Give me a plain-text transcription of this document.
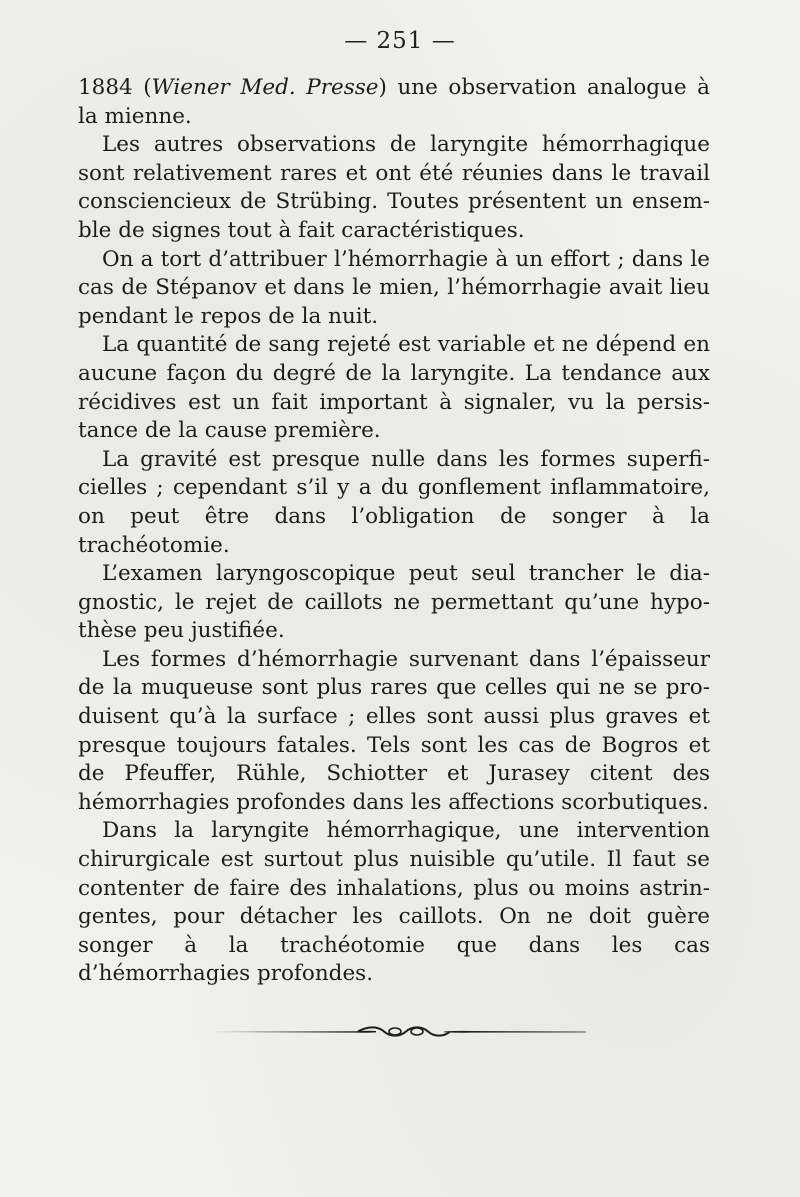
— 251 —

1884 (Wiener Med. Presse) une observation analogue à la mienne.

Les autres observations de laryngite hémorrhagique sont relativement rares et ont été réunies dans le travail consciencieux de Strübing. Toutes présentent un ensem-ble de signes tout à fait caractéristiques.

On a tort d’attribuer l’hémorrhagie à un effort ; dans le cas de Stépanov et dans le mien, l’hémorrhagie avait lieu pendant le repos de la nuit.

La quantité de sang rejeté est variable et ne dépend en aucune façon du degré de la laryngite. La tendance aux récidives est un fait important à signaler, vu la persis-tance de la cause première.

La gravité est presque nulle dans les formes superfi-cielles ; cependant s’il y a du gonflement inflammatoire, on peut être dans l’obligation de songer à la trachéotomie.

L’examen laryngoscopique peut seul trancher le dia-gnostic, le rejet de caillots ne permettant qu’une hypo-thèse peu justifiée.

Les formes d’hémorrhagie survenant dans l’épaisseur de la muqueuse sont plus rares que celles qui ne se pro-duisent qu’à la surface ; elles sont aussi plus graves et presque toujours fatales. Tels sont les cas de Bogros et de Pfeuffer, Rühle, Schiotter et Jurasey citent des hémorrhagies profondes dans les affections scorbutiques.

Dans la laryngite hémorrhagique, une intervention chirurgicale est surtout plus nuisible qu’utile. Il faut se contenter de faire des inhalations, plus ou moins astrin-gentes, pour détacher les caillots. On ne doit guère songer à la trachéotomie que dans les cas d’hémorrhagies profondes.
